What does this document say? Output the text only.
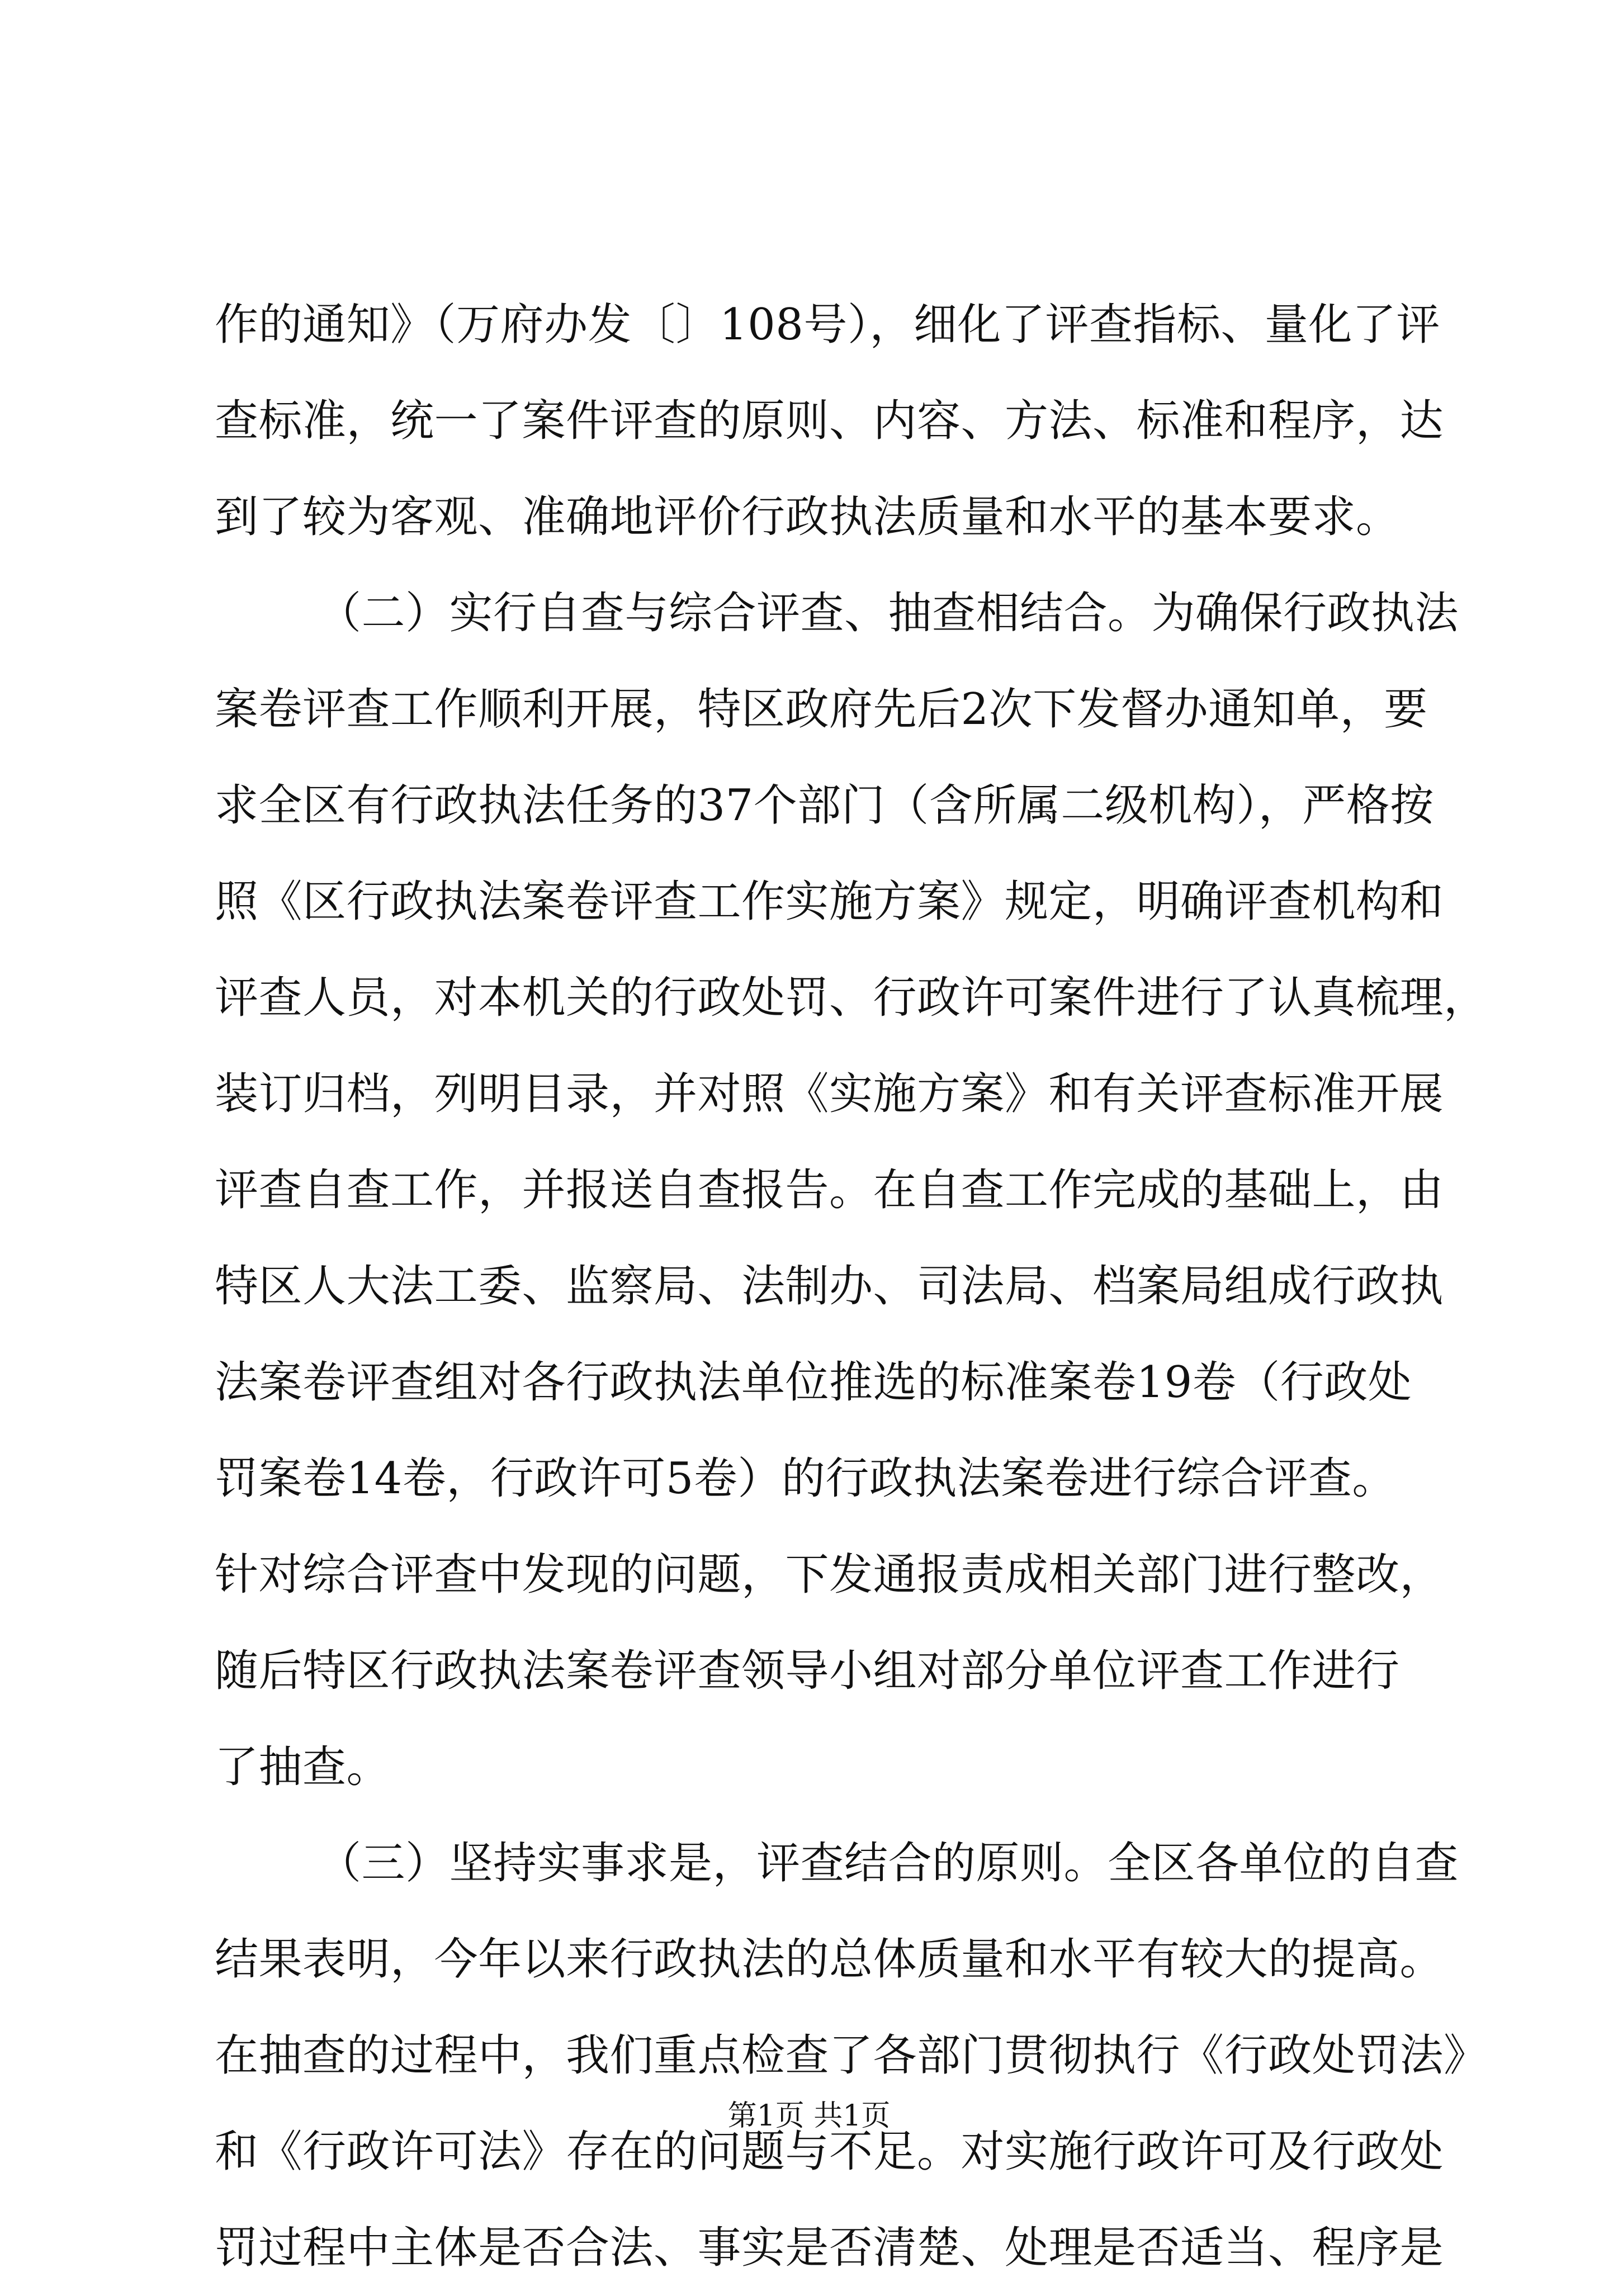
作的通知》（万府办发〔〕108号），细化了评查指标、量化了评
查标准，统一了案件评查的原则、内容、方法、标准和程序，达
到了较为客观、准确地评价行政执法质量和水平的基本要求。
（二）实行自查与综合评查、抽查相结合。为确保行政执法
案卷评查工作顺利开展，特区政府先后2次下发督办通知单，要
求全区有行政执法任务的37个部门（含所属二级机构），严格按
照《区行政执法案卷评查工作实施方案》规定，明确评查机构和
评查人员，对本机关的行政处罚、行政许可案件进行了认真梳理，
装订归档，列明目录，并对照《实施方案》和有关评查标准开展
评查自查工作，并报送自查报告。在自查工作完成的基础上，由
特区人大法工委、监察局、法制办、司法局、档案局组成行政执
法案卷评查组对各行政执法单位推选的标准案卷19卷（行政处
罚案卷14卷，行政许可5卷）的行政执法案卷进行综合评查。
针对综合评查中发现的问题，下发通报责成相关部门进行整改，
随后特区行政执法案卷评查领导小组对部分单位评查工作进行
了抽查。
（三）坚持实事求是，评查结合的原则。全区各单位的自查
结果表明，今年以来行政执法的总体质量和水平有较大的提高。
在抽查的过程中，我们重点检查了各部门贯彻执行《行政处罚法》
和《行政许可法》存在的问题与不足。对实施行政许可及行政处
罚过程中主体是否合法、事实是否清楚、处理是否适当、程序是
第1页 共1页
